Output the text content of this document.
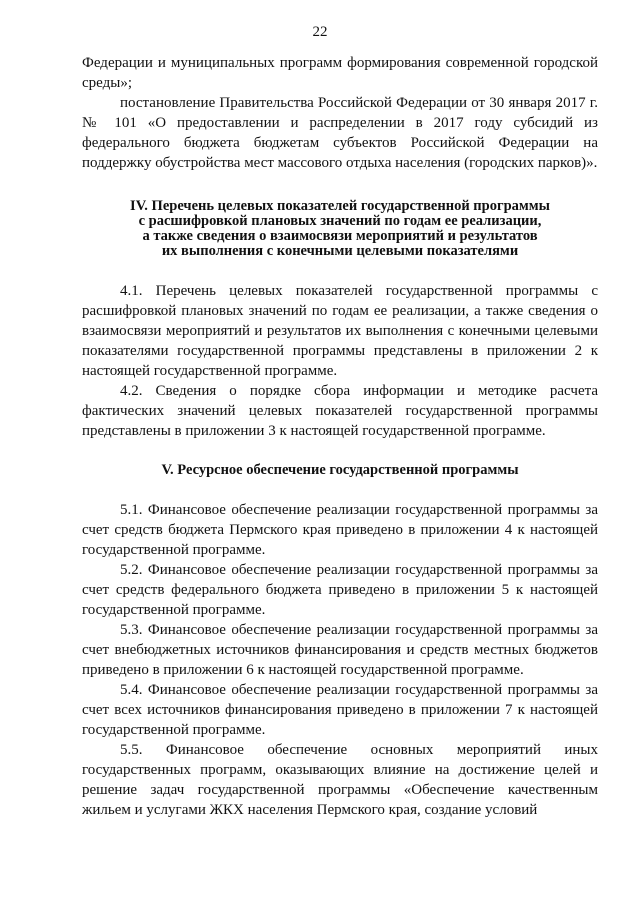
22

Федерации и муниципальных программ формирования современной городской среды»;

постановление Правительства Российской Федерации от 30 января 2017 г. № 101 «О предоставлении и распределении в 2017 году субсидий из федерального бюджета бюджетам субъектов Российской Федерации на поддержку обустройства мест массового отдыха населения (городских парков)».

IV. Перечень целевых показателей государственной программы
с расшифровкой плановых значений по годам ее реализации,
а также сведения о взаимосвязи мероприятий и результатов
их выполнения с конечными целевыми показателями

4.1. Перечень целевых показателей государственной программы с расшифровкой плановых значений по годам ее реализации, а также сведения о взаимосвязи мероприятий и результатов их выполнения с конечными целевыми показателями государственной программы представлены в приложении 2 к настоящей государственной программе.

4.2. Сведения о порядке сбора информации и методике расчета фактических значений целевых показателей государственной программы представлены в приложении 3 к настоящей государственной программе.

V. Ресурсное обеспечение государственной программы

5.1. Финансовое обеспечение реализации государственной программы за счет средств бюджета Пермского края приведено в приложении 4 к настоящей государственной программе.

5.2. Финансовое обеспечение реализации государственной программы за счет средств федерального бюджета приведено в приложении 5 к настоящей государственной программе.

5.3. Финансовое обеспечение реализации государственной программы за счет внебюджетных источников финансирования и средств местных бюджетов приведено в приложении 6 к настоящей государственной программе.

5.4. Финансовое обеспечение реализации государственной программы за счет всех источников финансирования приведено в приложении 7 к настоящей государственной программе.

5.5. Финансовое обеспечение основных мероприятий иных государственных программ, оказывающих влияние на достижение целей и решение задач государственной программы «Обеспечение качественным жильем и услугами ЖКХ населения Пермского края, создание условий
